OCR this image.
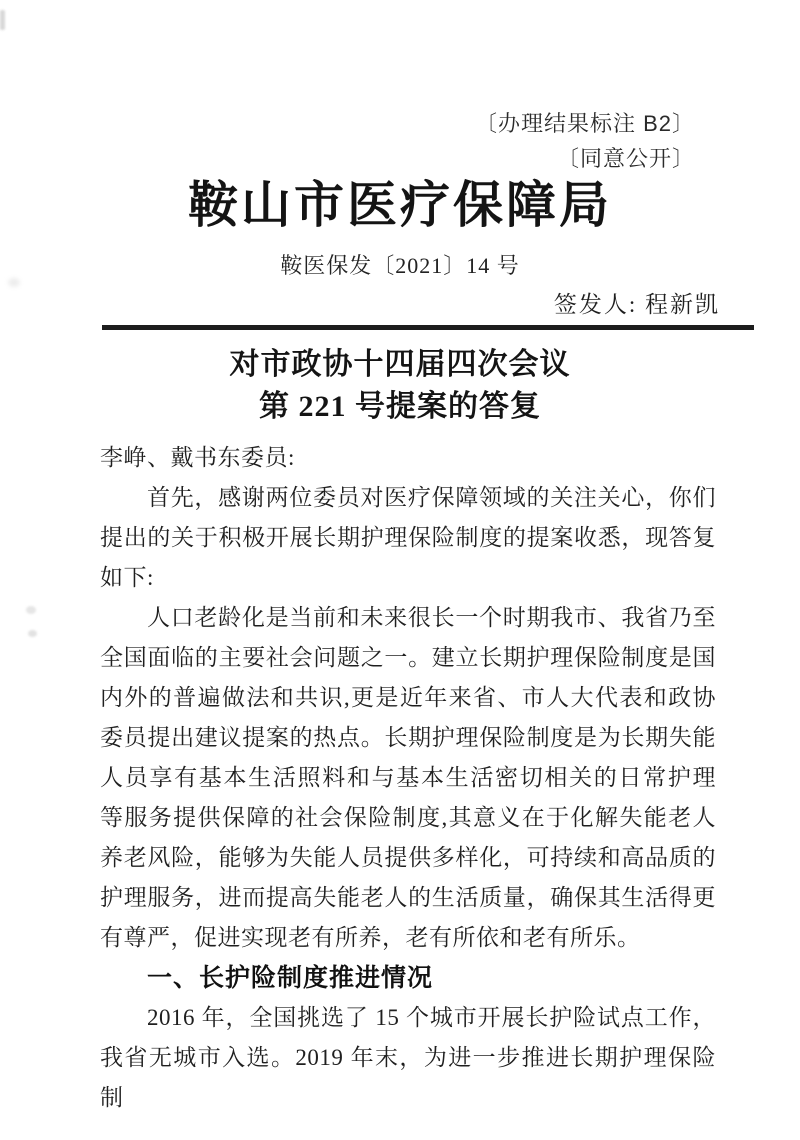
〔办理结果标注 B2〕
〔同意公开〕
鞍山市医疗保障局
鞍医保发〔2021〕14 号
签发人: 程新凯
对市政协十四届四次会议
第 221 号提案的答复
李峥、戴书东委员:
首先，感谢两位委员对医疗保障领域的关注关心，你们
提出的关于积极开展长期护理保险制度的提案收悉，现答复
如下:
人口老龄化是当前和未来很长一个时期我市、我省乃至
全国面临的主要社会问题之一。建立长期护理保险制度是国
内外的普遍做法和共识,更是近年来省、市人大代表和政协
委员提出建议提案的热点。长期护理保险制度是为长期失能
人员享有基本生活照料和与基本生活密切相关的日常护理
等服务提供保障的社会保险制度,其意义在于化解失能老人
养老风险，能够为失能人员提供多样化，可持续和高品质的
护理服务，进而提高失能老人的生活质量，确保其生活得更
有尊严，促进实现老有所养，老有所依和老有所乐。
一、长护险制度推进情况
2016 年，全国挑选了 15 个城市开展长护险试点工作，
我省无城市入选。2019 年末，为进一步推进长期护理保险制
